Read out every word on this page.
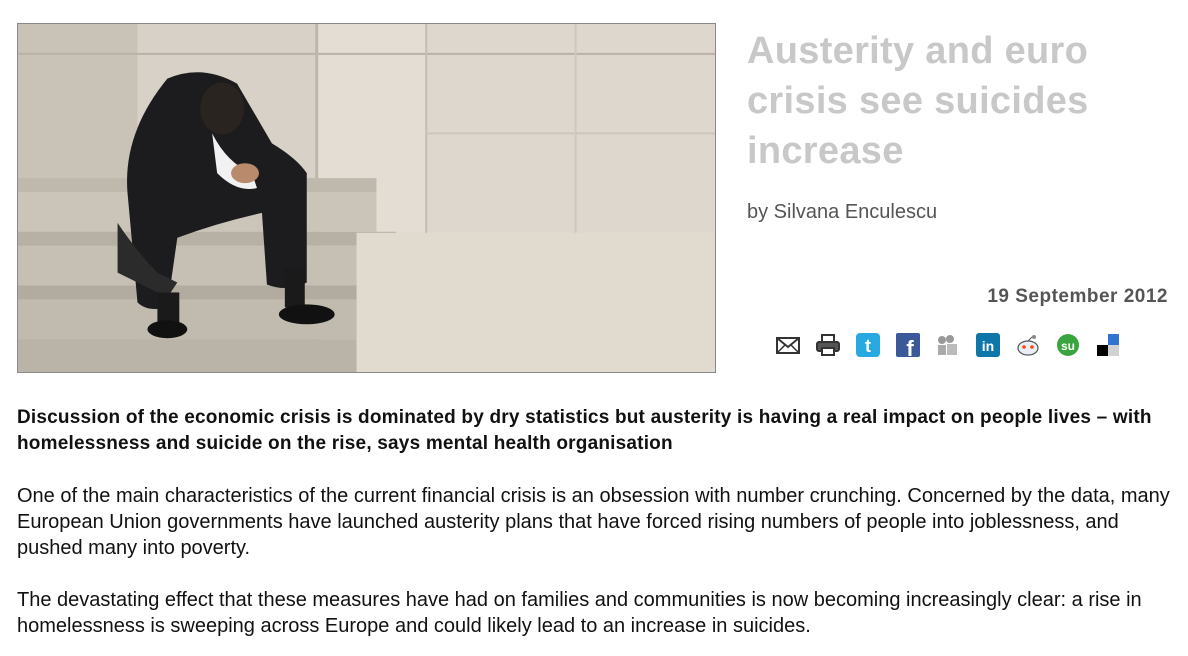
Austerity and euro crisis see suicides increase
by Silvana Enculescu
19 September 2012
t f	in	su

Discussion of the economic crisis is dominated by dry statistics but austerity is having a real impact on people lives – with homelessness and suicide on the rise, says mental health organisation

One of the main characteristics of the current financial crisis is an obsession with number crunching. Concerned by the data, many European Union governments have launched austerity plans that have forced rising numbers of people into joblessness, and pushed many into poverty.

The devastating effect that these measures have had on families and communities is now becoming increasingly clear: a rise in homelessness is sweeping across Europe and could likely lead to an increase in suicides.
